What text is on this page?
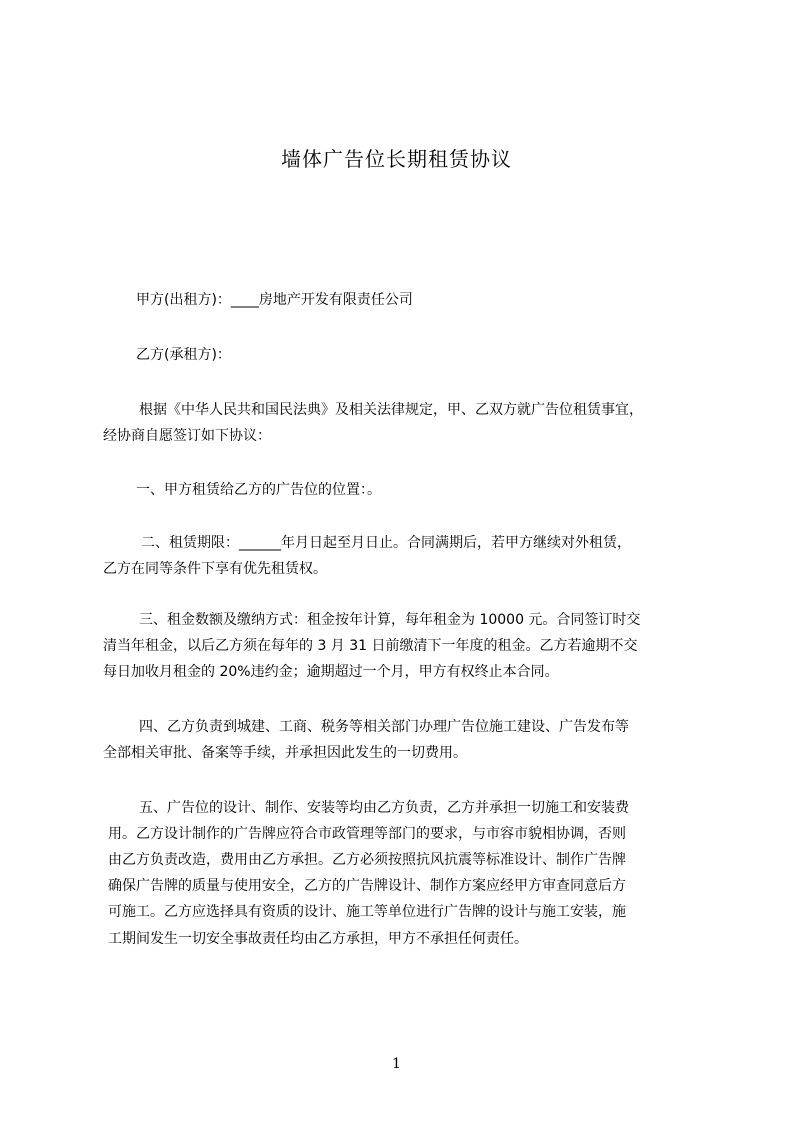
墙体广告位长期租赁协议
甲方(出租方)：____房地产开发有限责任公司
乙方(承租方)：
根据《中华人民共和国民法典》及相关法律规定，甲、乙双方就广告位租赁事宜，
经协商自愿签订如下协议：
一、甲方租赁给乙方的广告位的位置：。
二、租赁期限：______年月日起至月日止。合同满期后，若甲方继续对外租赁，
乙方在同等条件下享有优先租赁权。
三、租金数额及缴纳方式：租金按年计算，每年租金为 10000 元。合同签订时交
清当年租金，以后乙方须在每年的 3 月 31 日前缴清下一年度的租金。乙方若逾期不交
每日加收月租金的 20%违约金；逾期超过一个月，甲方有权终止本合同。
四、乙方负责到城建、工商、税务等相关部门办理广告位施工建设、广告发布等
全部相关审批、备案等手续，并承担因此发生的一切费用。
五、广告位的设计、制作、安装等均由乙方负责，乙方并承担一切施工和安装费
用。乙方设计制作的广告牌应符合市政管理等部门的要求，与市容市貌相协调，否则
由乙方负责改造，费用由乙方承担。乙方必须按照抗风抗震等标准设计、制作广告牌
确保广告牌的质量与使用安全，乙方的广告牌设计、制作方案应经甲方审查同意后方
可施工。乙方应选择具有资质的设计、施工等单位进行广告牌的设计与施工安装，施
工期间发生一切安全事故责任均由乙方承担，甲方不承担任何责任。
1
